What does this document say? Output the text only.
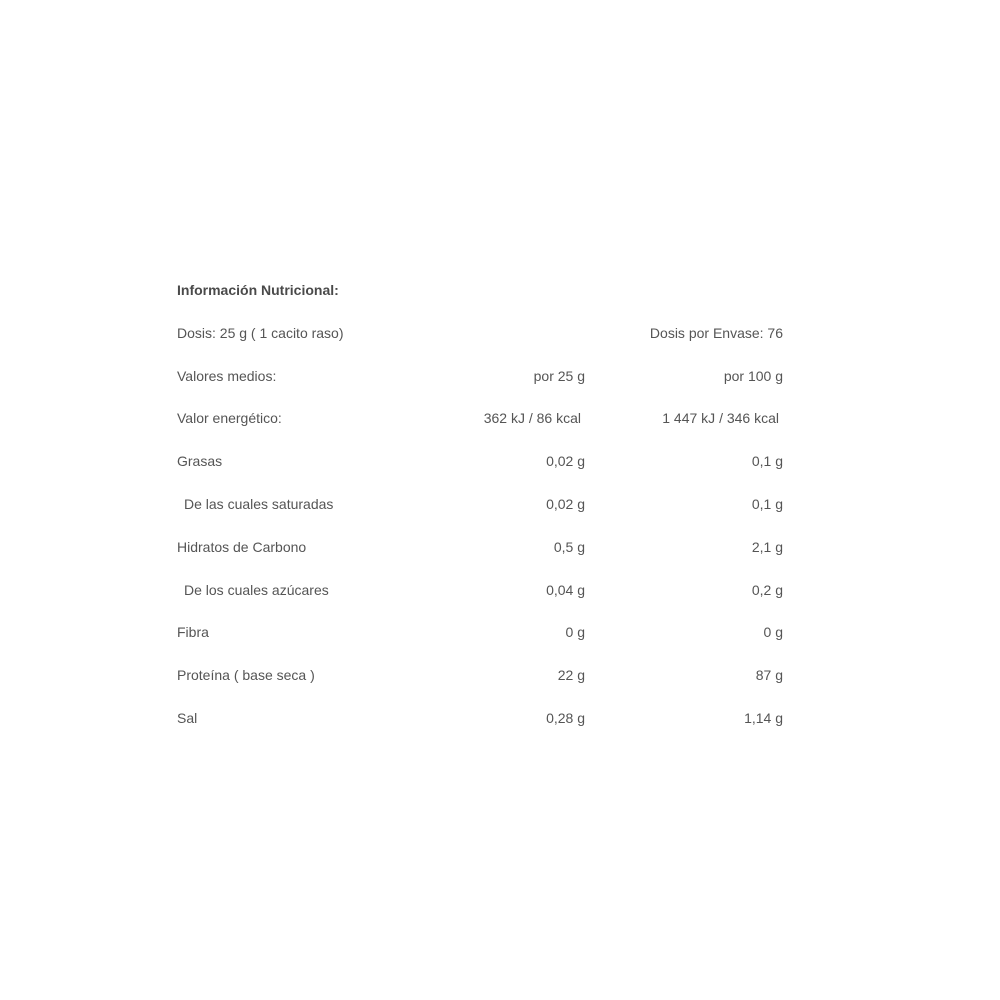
Información Nutricional:
Dosis: 25 g ( 1 cacito raso)	Dosis por Envase: 76
Valores medios:	por 25 g	por 100 g
Valor energético:	362 kJ / 86 kcal	1 447 kJ / 346 kcal
Grasas	0,02 g	0,1 g
De las cuales saturadas	0,02 g	0,1 g
Hidratos de Carbono	0,5 g	2,1 g
De los cuales azúcares	0,04 g	0,2 g
Fibra	0 g	0 g
Proteína ( base seca )	22 g	87 g
Sal	0,28 g	1,14 g
